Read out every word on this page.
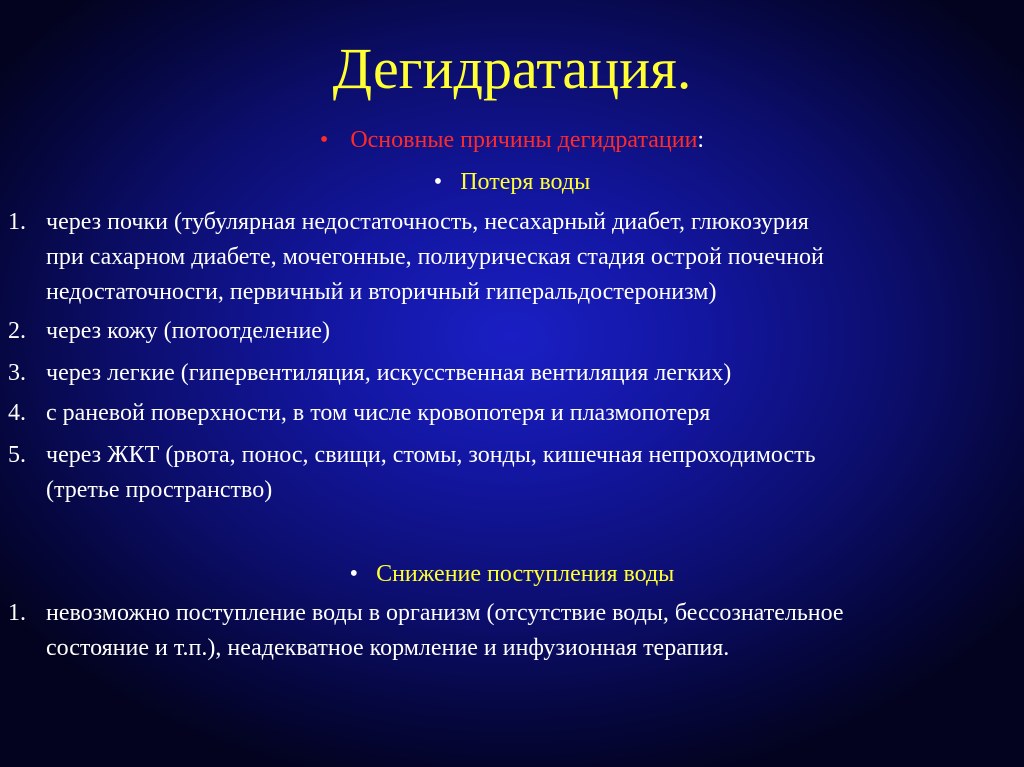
Дегидратация.
• Основные причины дегидратации:
• Потеря воды
1. через почки (тубулярная недостаточность, несахарный диабет, глюкозурия
при сахарном диабете, мочегонные, полиурическая стадия острой почечной
недостаточносги, первичный и вторичный гиперальдостеронизм)
2. через кожу (потоотделение)
3. через легкие (гипервентиляция, искусственная вентиляция легких)
4. с раневой поверхности, в том числе кровопотеря и плазмопотеря
5. через ЖКТ (рвота, понос, свищи, стомы, зонды, кишечная непроходимость
(третье пространство)
• Снижение поступления воды
1. невозможно поступление воды в организм (отсутствие воды, бессознательное
состояние и т.п.), неадекватное кормление и инфузионная терапия.
